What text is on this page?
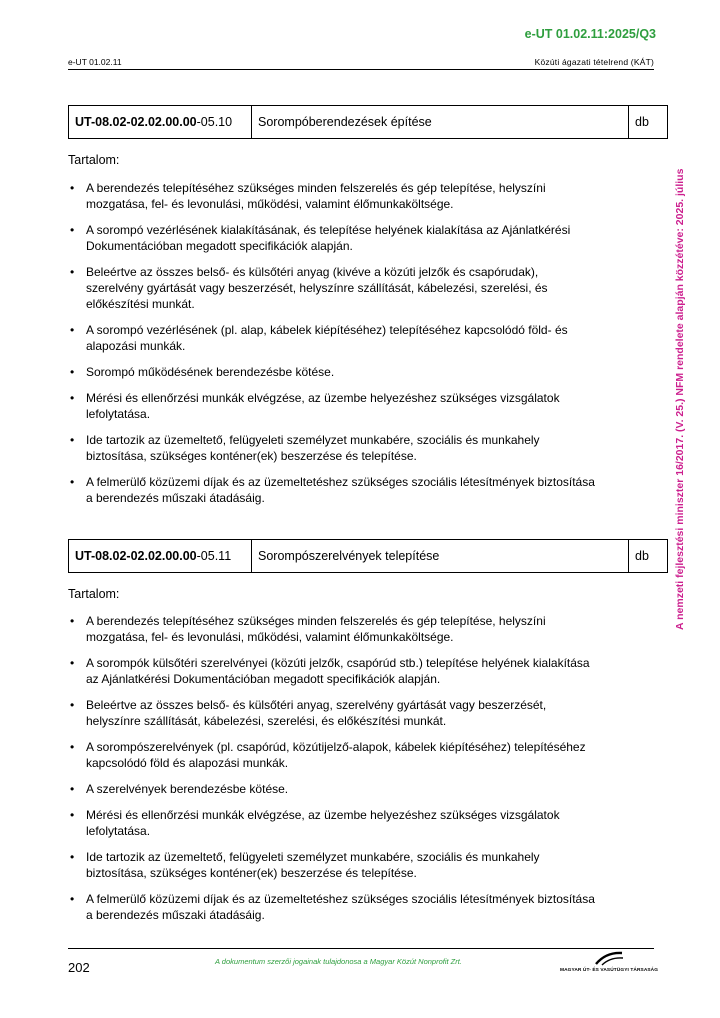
e-UT 01.02.11:2025/Q3
e-UT 01.02.11	Közúti ágazati tételrend (KÁT)
A nemzeti fejlesztési miniszter 16/2017. (V. 25.) NFM rendelete alapján közzétéve: 2025. július
UT-08.02-02.02.00.00-05.10	Sorompóberendezések építése	db
Tartalom:
• A berendezés telepítéséhez szükséges minden felszerelés és gép telepítése, helyszíni mozgatása, fel- és levonulási, működési, valamint élőmunkaköltsége.
• A sorompó vezérlésének kialakításának, és telepítése helyének kialakítása az Ajánlatkérési Dokumentációban megadott specifikációk alapján.
• Beleértve az összes belső- és külsőtéri anyag (kivéve a közúti jelzők és csapórudak), szerelvény gyártását vagy beszerzését, helyszínre szállítását, kábelezési, szerelési, és előkészítési munkát.
• A sorompó vezérlésének (pl. alap, kábelek kiépítéséhez) telepítéséhez kapcsolódó föld- és alapozási munkák.
• Sorompó működésének berendezésbe kötése.
• Mérési és ellenőrzési munkák elvégzése, az üzembe helyezéshez szükséges vizsgálatok lefolytatása.
• Ide tartozik az üzemeltető, felügyeleti személyzet munkabére, szociális és munkahely biztosítása, szükséges konténer(ek) beszerzése és telepítése.
• A felmerülő közüzemi díjak és az üzemeltetéshez szükséges szociális létesítmények biztosítása a berendezés műszaki átadásáig.
UT-08.02-02.02.00.00-05.11	Sorompószerelvények telepítése	db
Tartalom:
• A berendezés telepítéséhez szükséges minden felszerelés és gép telepítése, helyszíni mozgatása, fel- és levonulási, működési, valamint élőmunkaköltsége.
• A sorompók külsőtéri szerelvényei (közúti jelzők, csapórúd stb.) telepítése helyének kialakítása az Ajánlatkérési Dokumentációban megadott specifikációk alapján.
• Beleértve az összes belső- és külsőtéri anyag, szerelvény gyártását vagy beszerzését, helyszínre szállítását, kábelezési, szerelési, és előkészítési munkát.
• A sorompószerelvények (pl. csapórúd, közútijelző-alapok, kábelek kiépítéséhez) telepítéséhez kapcsolódó föld és alapozási munkák.
• A szerelvények berendezésbe kötése.
• Mérési és ellenőrzési munkák elvégzése, az üzembe helyezéshez szükséges vizsgálatok lefolytatása.
• Ide tartozik az üzemeltető, felügyeleti személyzet munkabére, szociális és munkahely biztosítása, szükséges konténer(ek) beszerzése és telepítése.
• A felmerülő közüzemi díjak és az üzemeltetéshez szükséges szociális létesítmények biztosítása a berendezés műszaki átadásáig.
202	A dokumentum szerzői jogainak tulajdonosa a Magyar Közút Nonprofit Zrt.
MAGYAR ÚT- ÉS VASÚTÜGYI TÁRSASÁG
